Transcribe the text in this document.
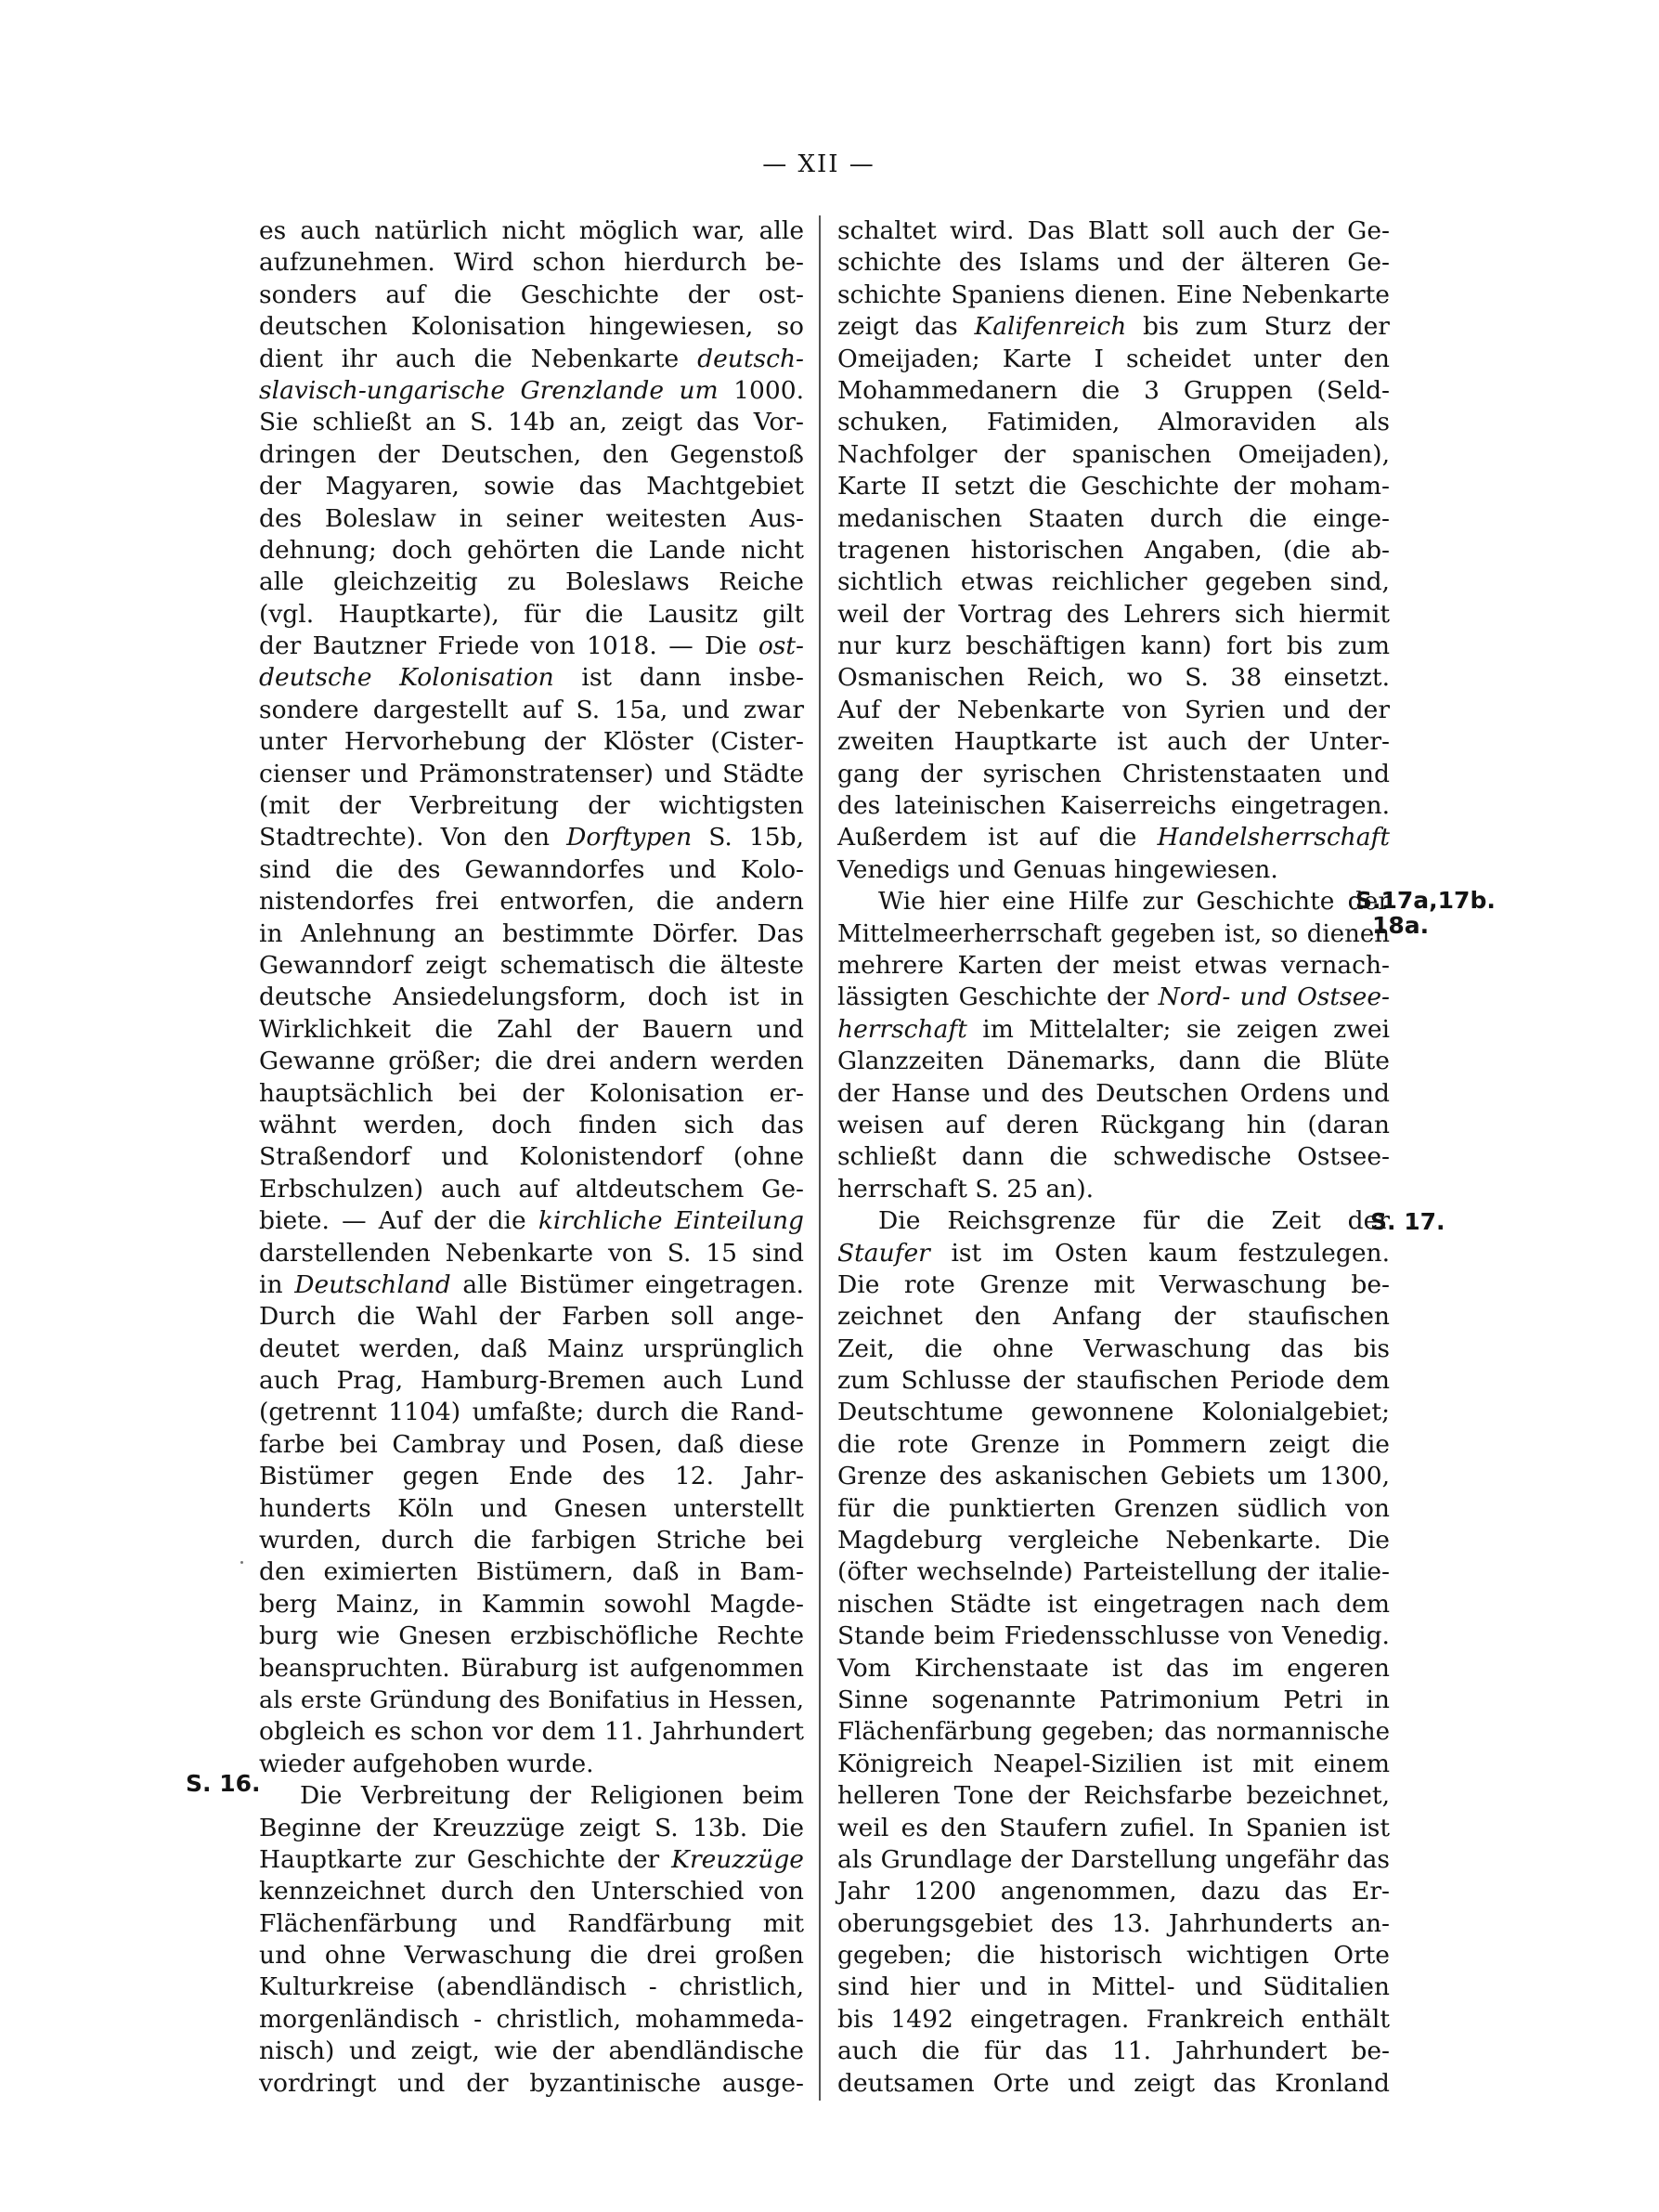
— XII —
es auch natürlich nicht möglich war, alle
aufzunehmen. Wird schon hierdurch be-
sonders auf die Geschichte der ost-
deutschen Kolonisation hingewiesen, so
dient ihr auch die Nebenkarte deutsch-
slavisch-ungarische Grenzlande um 1000.
Sie schließt an S. 14b an, zeigt das Vor-
dringen der Deutschen, den Gegenstoß
der Magyaren, sowie das Machtgebiet
des Boleslaw in seiner weitesten Aus-
dehnung; doch gehörten die Lande nicht
alle gleichzeitig zu Boleslaws Reiche
(vgl. Hauptkarte), für die Lausitz gilt
der Bautzner Friede von 1018. — Die ost-
deutsche Kolonisation ist dann insbe-
sondere dargestellt auf S. 15a, und zwar
unter Hervorhebung der Klöster (Cister-
cienser und Prämonstratenser) und Städte
(mit der Verbreitung der wichtigsten
Stadtrechte). Von den Dorftypen S. 15b,
sind die des Gewanndorfes und Kolo-
nistendorfes frei entworfen, die andern
in Anlehnung an bestimmte Dörfer. Das
Gewanndorf zeigt schematisch die älteste
deutsche Ansiedelungsform, doch ist in
Wirklichkeit die Zahl der Bauern und
Gewanne größer; die drei andern werden
hauptsächlich bei der Kolonisation er-
wähnt werden, doch finden sich das
Straßendorf und Kolonistendorf (ohne
Erbschulzen) auch auf altdeutschem Ge-
biete. — Auf der die kirchliche Einteilung
darstellenden Nebenkarte von S. 15 sind
in Deutschland alle Bistümer eingetragen.
Durch die Wahl der Farben soll ange-
deutet werden, daß Mainz ursprünglich
auch Prag, Hamburg-Bremen auch Lund
(getrennt 1104) umfaßte; durch die Rand-
farbe bei Cambray und Posen, daß diese
Bistümer gegen Ende des 12. Jahr-
hunderts Köln und Gnesen unterstellt
wurden, durch die farbigen Striche bei
den eximierten Bistümern, daß in Bam-
berg Mainz, in Kammin sowohl Magde-
burg wie Gnesen erzbischöfliche Rechte
beanspruchten. Büraburg ist aufgenommen
als erste Gründung des Bonifatius in Hessen,
obgleich es schon vor dem 11. Jahrhundert
wieder aufgehoben wurde.
Die Verbreitung der Religionen beim
Beginne der Kreuzzüge zeigt S. 13b. Die
Hauptkarte zur Geschichte der Kreuzzüge
kennzeichnet durch den Unterschied von
Flächenfärbung und Randfärbung mit
und ohne Verwaschung die drei großen
Kulturkreise (abendländisch - christlich,
morgenländisch - christlich, mohammeda-
nisch) und zeigt, wie der abendländische
vordringt und der byzantinische ausge-
schaltet wird. Das Blatt soll auch der Ge-
schichte des Islams und der älteren Ge-
schichte Spaniens dienen. Eine Nebenkarte
zeigt das Kalifenreich bis zum Sturz der
Omeijaden; Karte I scheidet unter den
Mohammedanern die 3 Gruppen (Seld-
schuken, Fatimiden, Almoraviden als
Nachfolger der spanischen Omeijaden),
Karte II setzt die Geschichte der moham-
medanischen Staaten durch die einge-
tragenen historischen Angaben, (die ab-
sichtlich etwas reichlicher gegeben sind,
weil der Vortrag des Lehrers sich hiermit
nur kurz beschäftigen kann) fort bis zum
Osmanischen Reich, wo S. 38 einsetzt.
Auf der Nebenkarte von Syrien und der
zweiten Hauptkarte ist auch der Unter-
gang der syrischen Christenstaaten und
des lateinischen Kaiserreichs eingetragen.
Außerdem ist auf die Handelsherrschaft
Venedigs und Genuas hingewiesen.
Wie hier eine Hilfe zur Geschichte der
Mittelmeerherrschaft gegeben ist, so dienen
mehrere Karten der meist etwas vernach-
lässigten Geschichte der Nord- und Ostsee-
herrschaft im Mittelalter; sie zeigen zwei
Glanzzeiten Dänemarks, dann die Blüte
der Hanse und des Deutschen Ordens und
weisen auf deren Rückgang hin (daran
schließt dann die schwedische Ostsee-
herrschaft S. 25 an).
Die Reichsgrenze für die Zeit der
Staufer ist im Osten kaum festzulegen.
Die rote Grenze mit Verwaschung be-
zeichnet den Anfang der staufischen
Zeit, die ohne Verwaschung das bis
zum Schlusse der staufischen Periode dem
Deutschtume gewonnene Kolonialgebiet;
die rote Grenze in Pommern zeigt die
Grenze des askanischen Gebiets um 1300,
für die punktierten Grenzen südlich von
Magdeburg vergleiche Nebenkarte. Die
(öfter wechselnde) Parteistellung der italie-
nischen Städte ist eingetragen nach dem
Stande beim Friedensschlusse von Venedig.
Vom Kirchenstaate ist das im engeren
Sinne sogenannte Patrimonium Petri in
Flächenfärbung gegeben; das normannische
Königreich Neapel-Sizilien ist mit einem
helleren Tone der Reichsfarbe bezeichnet,
weil es den Staufern zufiel. In Spanien ist
als Grundlage der Darstellung ungefähr das
Jahr 1200 angenommen, dazu das Er-
oberungsgebiet des 13. Jahrhunderts an-
gegeben; die historisch wichtigen Orte
sind hier und in Mittel- und Süditalien
bis 1492 eingetragen. Frankreich enthält
auch die für das 11. Jahrhundert be-
deutsamen Orte und zeigt das Kronland
S. 16.
S.17a,17b.
18a.
S. 17.
